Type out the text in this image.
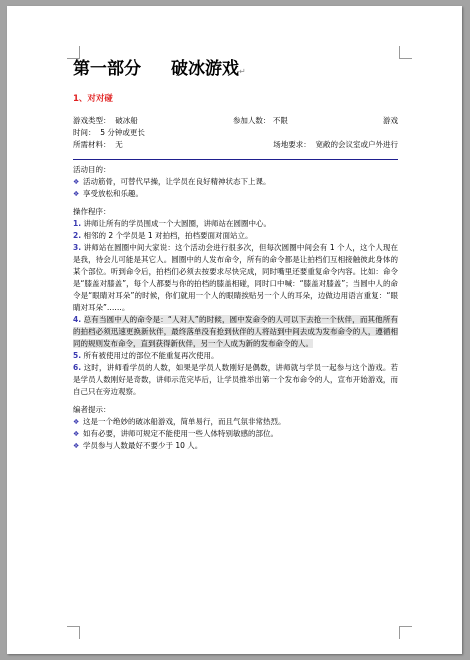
第一部分 破冰游戏↵
1、对对碰
游戏类型： 破冰船	参加人数： 不限	游戏
时间： 5 分钟或更长
所需材料： 无	场地要求： 宽敞的会议室或户外进行
活动目的：
❖ 活动筋骨，可替代早操，让学员在良好精神状态下上课。
❖ 享受放松和乐趣。
操作程序：
1. 讲师让所有的学员围成一个大圆圈，讲师站在圆圈中心。
2. 相邻的 2 个学员是 1 对拍档，拍档要面对面站立。
3. 讲师站在圆圈中间大家说：这个活动会进行很多次，但每次圆圈中间会有 1 个人，这个人现在是我，待会儿可能是其它人。圆圈中的人发布命令，所有的命令都是让拍档们互相接触彼此身体的某个部位。听到命令后，拍档们必须去按要求尽快完成，同时嘴里还要重复命令内容。比如：命令是“膝盖对膝盖”，每个人都要与你的拍档的膝盖相碰，同时口中喊：“膝盖对膝盖”；当圆中人的命令是“眼睛对耳朵”的时候，你们就用一个人的眼睛挨贴另一个人的耳朵，边做边用语言重复：“眼睛对耳朵”……。
4. 总有当圆中人的命令是：“人对人”的时候，圆中发命令的人可以下去抢一个伙伴，而其他所有的拍档必须迅速更换新伙伴，最终落单没有抢到伙伴的人将站到中间去成为发布命令的人，遵循相同的规则发布命令，直到获得新伙伴，另一个人成为新的发布命令的人。
5. 所有被使用过的部位不能重复再次使用。
6. 这时，讲师看学员的人数，如果是学员人数刚好是偶数，讲师就与学员一起参与这个游戏。若是学员人数刚好是奇数，讲师示范完毕后，让学员推举出第一个发布命令的人，宣布开始游戏，而自己只在旁边观察。
编者提示：
❖ 这是一个绝妙的破冰船游戏，简单易行，而且气氛非常热烈。
❖ 如有必要，讲师可规定不能使用一些人体特别敏感的部位。
❖ 学员参与人数最好不要少于 10 人。
